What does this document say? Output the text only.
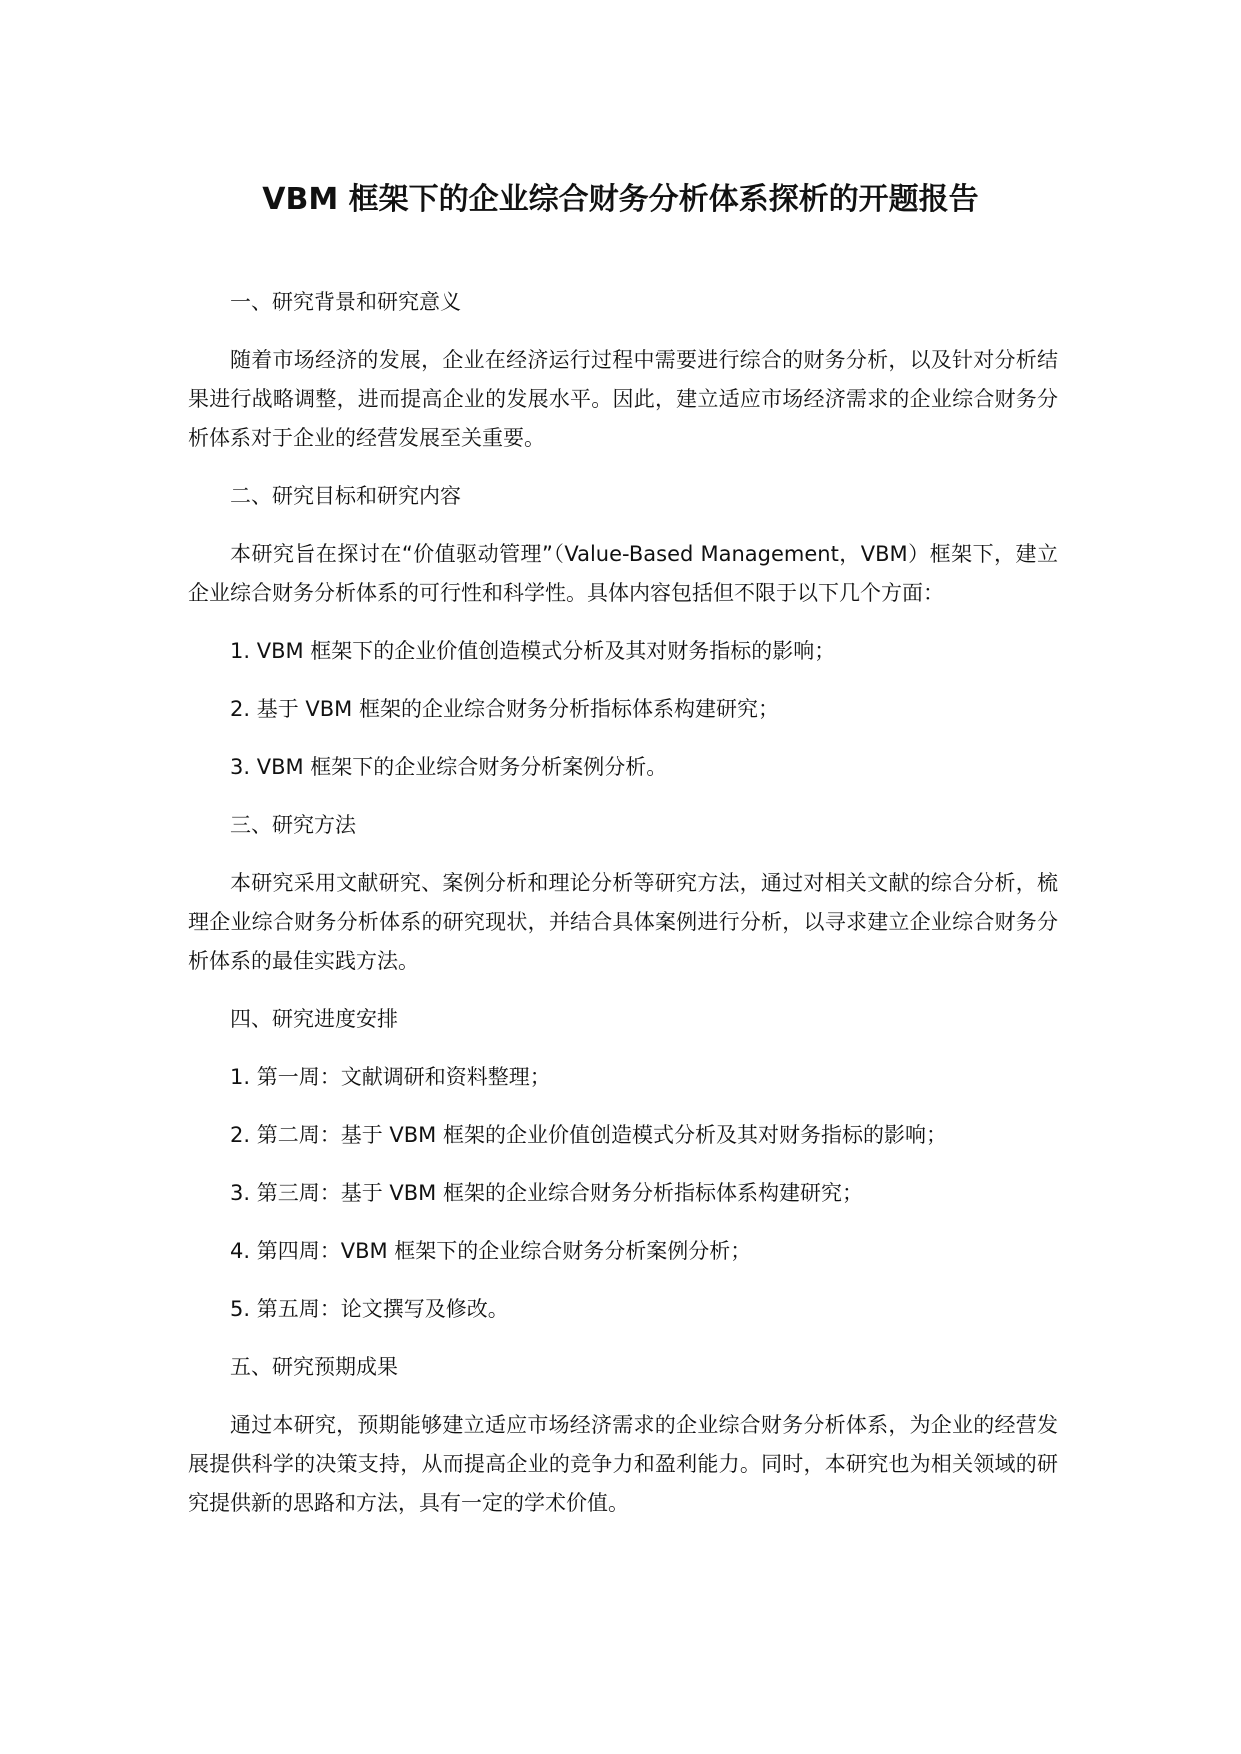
VBM 框架下的企业综合财务分析体系探析的开题报告

一、研究背景和研究意义

随着市场经济的发展，企业在经济运行过程中需要进行综合的财务分析，以及针对分析结果进行战略调整，进而提高企业的发展水平。因此，建立适应市场经济需求的企业综合财务分析体系对于企业的经营发展至关重要。

二、研究目标和研究内容

本研究旨在探讨在“价值驱动管理”（Value-Based Management，VBM）框架下，建立企业综合财务分析体系的可行性和科学性。具体内容包括但不限于以下几个方面：

1. VBM 框架下的企业价值创造模式分析及其对财务指标的影响；

2. 基于 VBM 框架的企业综合财务分析指标体系构建研究；

3. VBM 框架下的企业综合财务分析案例分析。

三、研究方法

本研究采用文献研究、案例分析和理论分析等研究方法，通过对相关文献的综合分析，梳理企业综合财务分析体系的研究现状，并结合具体案例进行分析，以寻求建立企业综合财务分析体系的最佳实践方法。

四、研究进度安排

1. 第一周：文献调研和资料整理；

2. 第二周：基于 VBM 框架的企业价值创造模式分析及其对财务指标的影响；

3. 第三周：基于 VBM 框架的企业综合财务分析指标体系构建研究；

4. 第四周：VBM 框架下的企业综合财务分析案例分析；

5. 第五周：论文撰写及修改。

五、研究预期成果

通过本研究，预期能够建立适应市场经济需求的企业综合财务分析体系，为企业的经营发展提供科学的决策支持，从而提高企业的竞争力和盈利能力。同时，本研究也为相关领域的研究提供新的思路和方法，具有一定的学术价值。
